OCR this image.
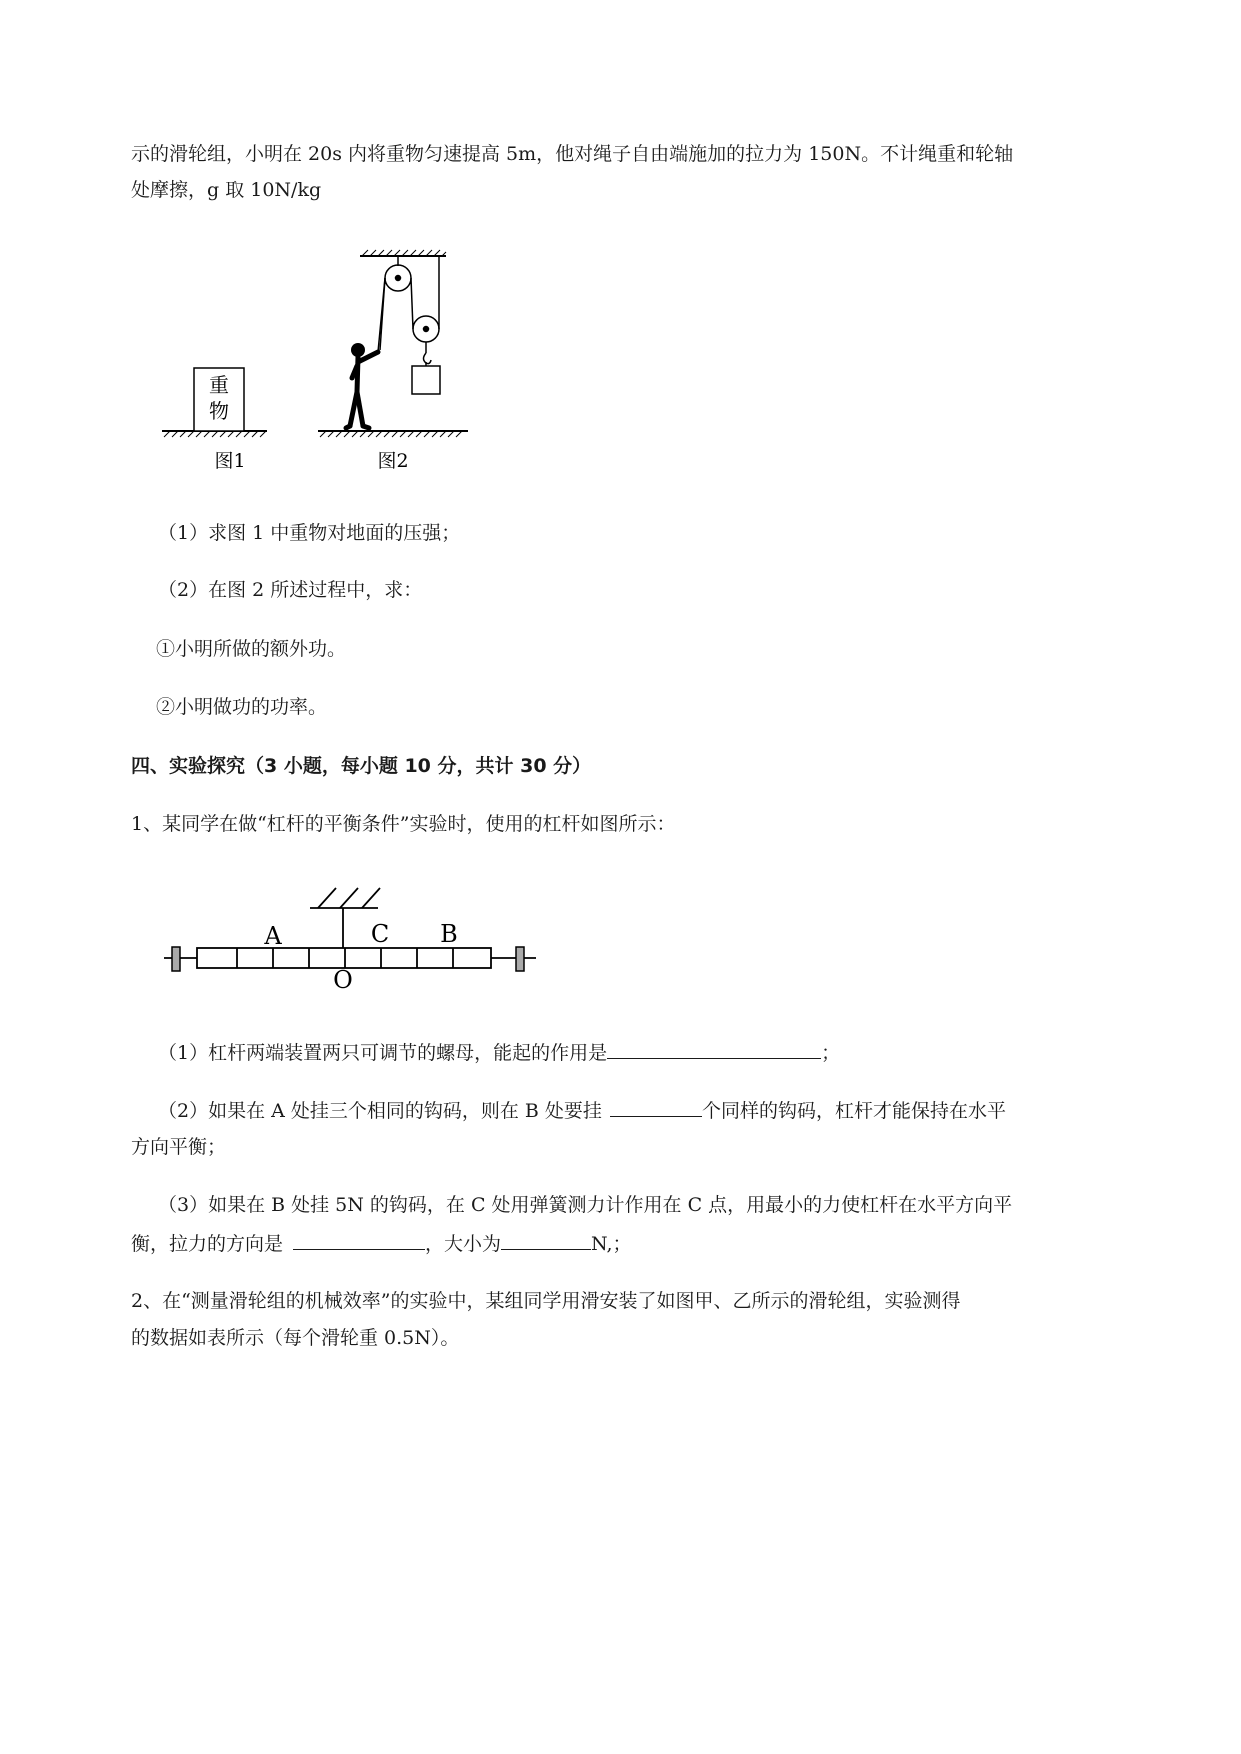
示的滑轮组，小明在 20s 内将重物匀速提高 5m，他对绳子自由端施加的拉力为 150N。不计绳重和轮轴
处摩擦，g 取 10N/kg
重
物
图1	图2
（1）求图 1 中重物对地面的压强；
（2）在图 2 所述过程中，求：
①小明所做的额外功。
②小明做功的功率。
四、实验探究（3 小题，每小题 10 分，共计 30 分）
1、某同学在做“杠杆的平衡条件”实验时，使用的杠杆如图所示：
A	C B
O
（1）杠杆两端装置两只可调节的螺母，能起的作用是	；
（2）如果在 A 处挂三个相同的钩码，则在 B 处要挂	个同样的钩码，杠杆才能保持在水平
方向平衡；
（3）如果在 B 处挂 5N 的钩码，在 C 处用弹簧测力计作用在 C 点，用最小的力使杠杆在水平方向平
衡，拉力的方向是	，大小为	N,；
2、在“测量滑轮组的机械效率”的实验中，某组同学用滑安装了如图甲、乙所示的滑轮组，实验测得
的数据如表所示（每个滑轮重 0.5N）。
